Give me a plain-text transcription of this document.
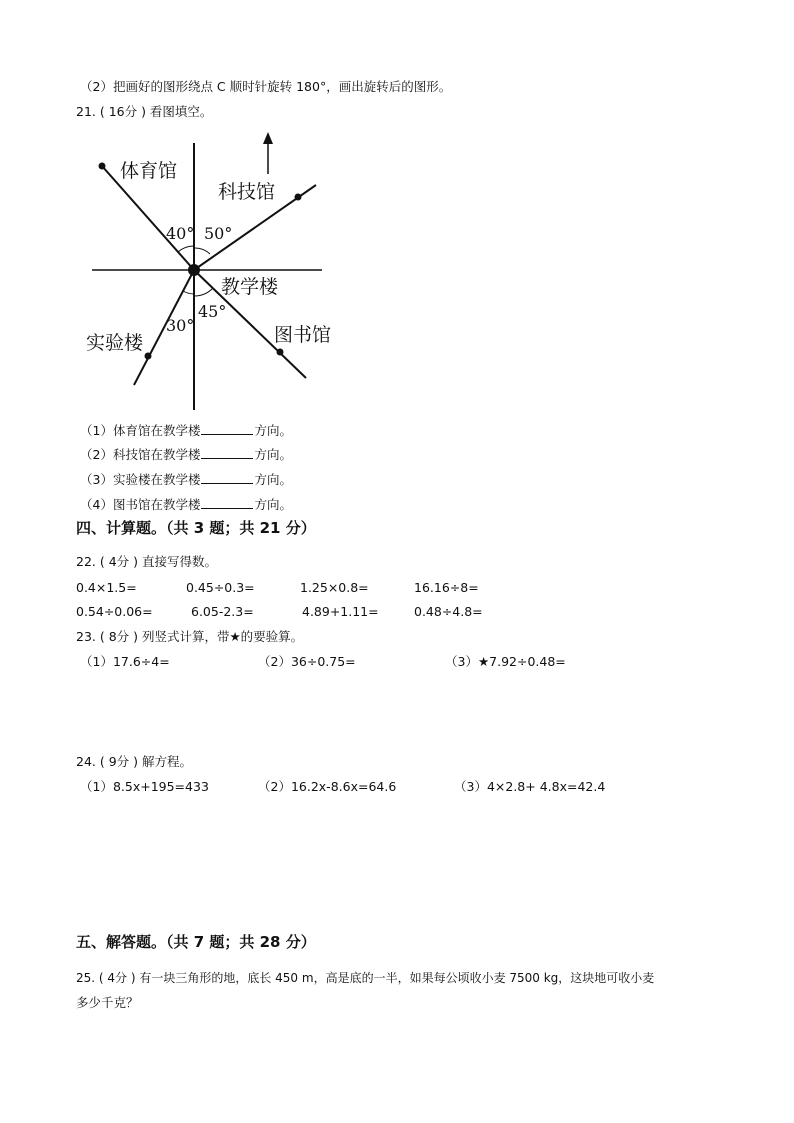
（2）把画好的图形绕点 C 顺时针旋转 180°，画出旋转后的图形。
21. ( 16分 ) 看图填空。
体育馆
科技馆
教学楼
实验楼	图书馆
40° 50°
30°
45°
（1）体育馆在教学楼	方向。
（2）科技馆在教学楼	方向。
（3）实验楼在教学楼	方向。
（4）图书馆在教学楼	方向。
四、计算题。（共 3 题；共 21 分）
22. ( 4分 ) 直接写得数。
0.4×1.5=	0.45÷0.3=	1.25×0.8=	16.16÷8=
0.54÷0.06=	6.05-2.3=	4.89+1.11=	0.48÷4.8=
23. ( 8分 ) 列竖式计算，带★的要验算。
（1）17.6÷4=	（2）36÷0.75=	（3）★7.92÷0.48=
24. ( 9分 ) 解方程。
（1）8.5x+195=433	（2）16.2x-8.6x=64.6	（3）4×2.8+ 4.8x=42.4
五、解答题。（共 7 题；共 28 分）
25. ( 4分 ) 有一块三角形的地，底长 450 m，高是底的一半，如果每公顷收小麦 7500 kg，这块地可收小麦
多少千克？
